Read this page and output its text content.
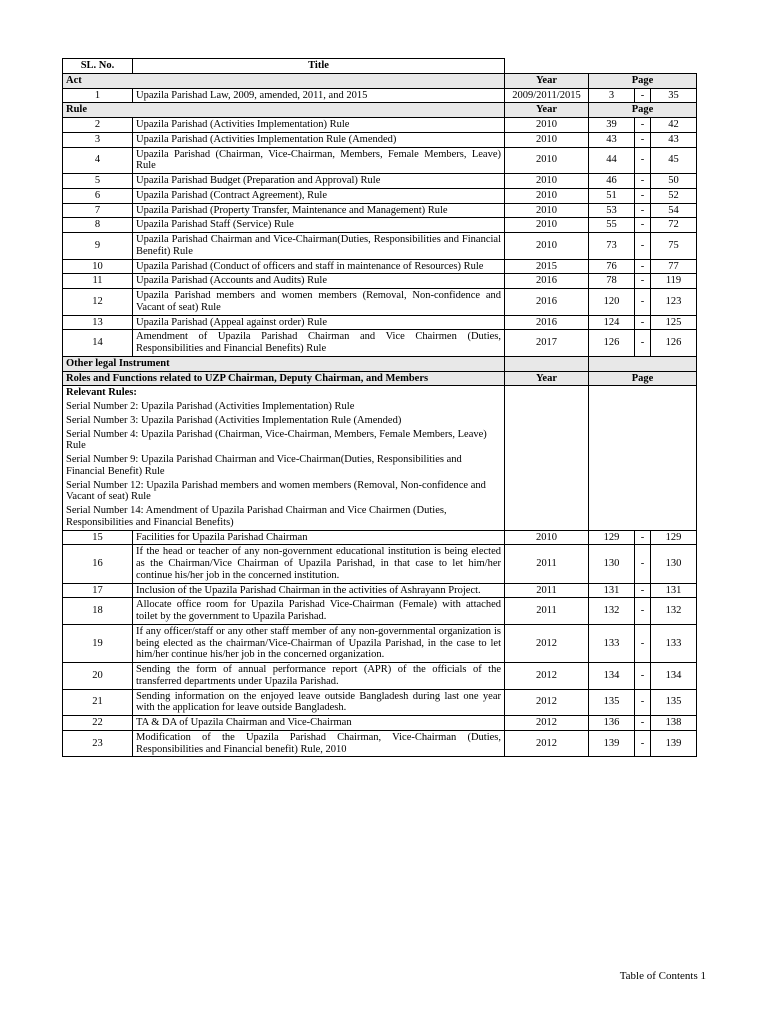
SL. No.	Title				
Act		Year	Page		
1	Upazila Parishad Law, 2009, amended, 2011, and 2015	2009/2011/2015	3	-	35
Rule		Year	Page		
2	Upazila Parishad (Activities Implementation) Rule	2010	39	-	42
3	Upazila Parishad (Activities Implementation Rule (Amended)	2010	43	-	43
4	Upazila Parishad (Chairman, Vice-Chairman, Members, Female Members, Leave) Rule	2010	44	-	45
5	Upazila Parishad Budget (Preparation and Approval) Rule	2010	46	-	50
6	Upazila Parishad (Contract Agreement), Rule	2010	51	-	52
7	Upazila Parishad (Property Transfer, Maintenance and Management) Rule	2010	53	-	54
8	Upazila Parishad Staff (Service) Rule	2010	55	-	72
9	Upazila Parishad Chairman and Vice-Chairman(Duties, Responsibilities and Financial Benefit) Rule	2010	73	-	75
10	Upazila Parishad (Conduct of officers and staff in maintenance of Resources) Rule	2015	76	-	77
11	Upazila Parishad (Accounts and Audits) Rule	2016	78	-	119
12	Upazila Parishad members and women members (Removal, Non-confidence and Vacant of seat) Rule	2016	120	-	123
13	Upazila Parishad (Appeal against order) Rule	2016	124	-	125
14	Amendment of Upazila Parishad Chairman and Vice Chairmen (Duties, Responsibilities and Financial Benefits) Rule	2017	126	-	126
Other legal Instrument					
Roles and Functions related to UZP Chairman, Deputy Chairman, and Members		Year	Page		
Relevant Rules:					
Serial Number 2: Upazila Parishad (Activities Implementation) Rule					
Serial Number 3: Upazila Parishad (Activities Implementation Rule (Amended)					
Serial Number 4: Upazila Parishad (Chairman, Vice-Chairman, Members, Female Members, Leave) Rule					
Serial Number 9: Upazila Parishad Chairman and Vice-Chairman(Duties, Responsibilities and Financial Benefit) Rule					
Serial Number 12: Upazila Parishad members and women members (Removal, Non-confidence and Vacant of seat) Rule					
Serial Number 14: Amendment of Upazila Parishad Chairman and Vice Chairmen (Duties, Responsibilities and Financial Benefits)					
15	Facilities for Upazila Parishad Chairman	2010	129	-	129
16	If the head or teacher of any non-government educational institution is being elected as the Chairman/Vice Chairman of Upazila Parishad, in that case to let him/her continue his/her job in the concerned institution.	2011	130	-	130
17	Inclusion of the Upazila Parishad Chairman in the activities of Ashrayann Project.	2011	131	-	131
18	Allocate office room for Upazila Parishad Vice-Chairman (Female) with attached toilet by the government to Upazila Parishad.	2011	132	-	132
19	If any officer/staff or any other staff member of any non-governmental organization is being elected as the chairman/Vice-Chairman of Upazila Parishad, in the case to let him/her continue his/her job in the concerned organization.	2012	133	-	133
20	Sending the form of annual performance report (APR) of the officials of the transferred departments under Upazila Parishad.	2012	134	-	134
21	Sending information on the enjoyed leave outside Bangladesh during last one year with the application for leave outside Bangladesh.	2012	135	-	135
22	TA & DA of Upazila Chairman and Vice-Chairman	2012	136	-	138
23	Modification of the Upazila Parishad Chairman, Vice-Chairman (Duties, Responsibilities and Financial benefit) Rule, 2010	2012	139	-	139
Table of Contents 1
